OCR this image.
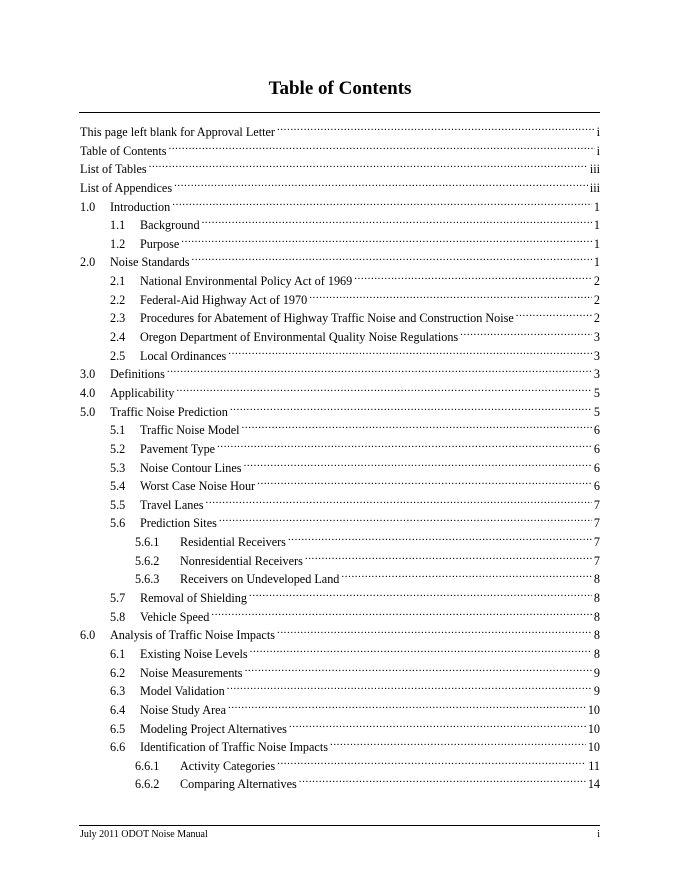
Table of Contents
This page left blank for Approval Letter .....	i
Table of Contents .....	i
List of Tables .....	iii
List of Appendices .....	iii
1.0	Introduction .....	1
1.1	Background .....	1
1.2	Purpose .....	1
2.0	Noise Standards .....	1
2.1	National Environmental Policy Act of 1969 .....	2
2.2	Federal-Aid Highway Act of 1970 .....	2
2.3	Procedures for Abatement of Highway Traffic Noise and Construction Noise .....	2
2.4	Oregon Department of Environmental Quality Noise Regulations .....	3
2.5	Local Ordinances .....	3
3.0	Definitions .....	3
4.0	Applicability .....	5
5.0	Traffic Noise Prediction .....	5
5.1	Traffic Noise Model .....	6
5.2	Pavement Type .....	6
5.3	Noise Contour Lines .....	6
5.4	Worst Case Noise Hour .....	6
5.5	Travel Lanes .....	7
5.6	Prediction Sites .....	7
5.6.1	Residential Receivers .....	7
5.6.2	Nonresidential Receivers .....	7
5.6.3	Receivers on Undeveloped Land .....	8
5.7	Removal of Shielding .....	8
5.8	Vehicle Speed .....	8
6.0	Analysis of Traffic Noise Impacts .....	8
6.1	Existing Noise Levels .....	8
6.2	Noise Measurements .....	9
6.3	Model Validation .....	9
6.4	Noise Study Area .....	10
6.5	Modeling Project Alternatives .....	10
6.6	Identification of Traffic Noise Impacts .....	10
6.6.1	Activity Categories .....	11
6.6.2	Comparing Alternatives .....	14
July 2011 ODOT Noise Manual	i
